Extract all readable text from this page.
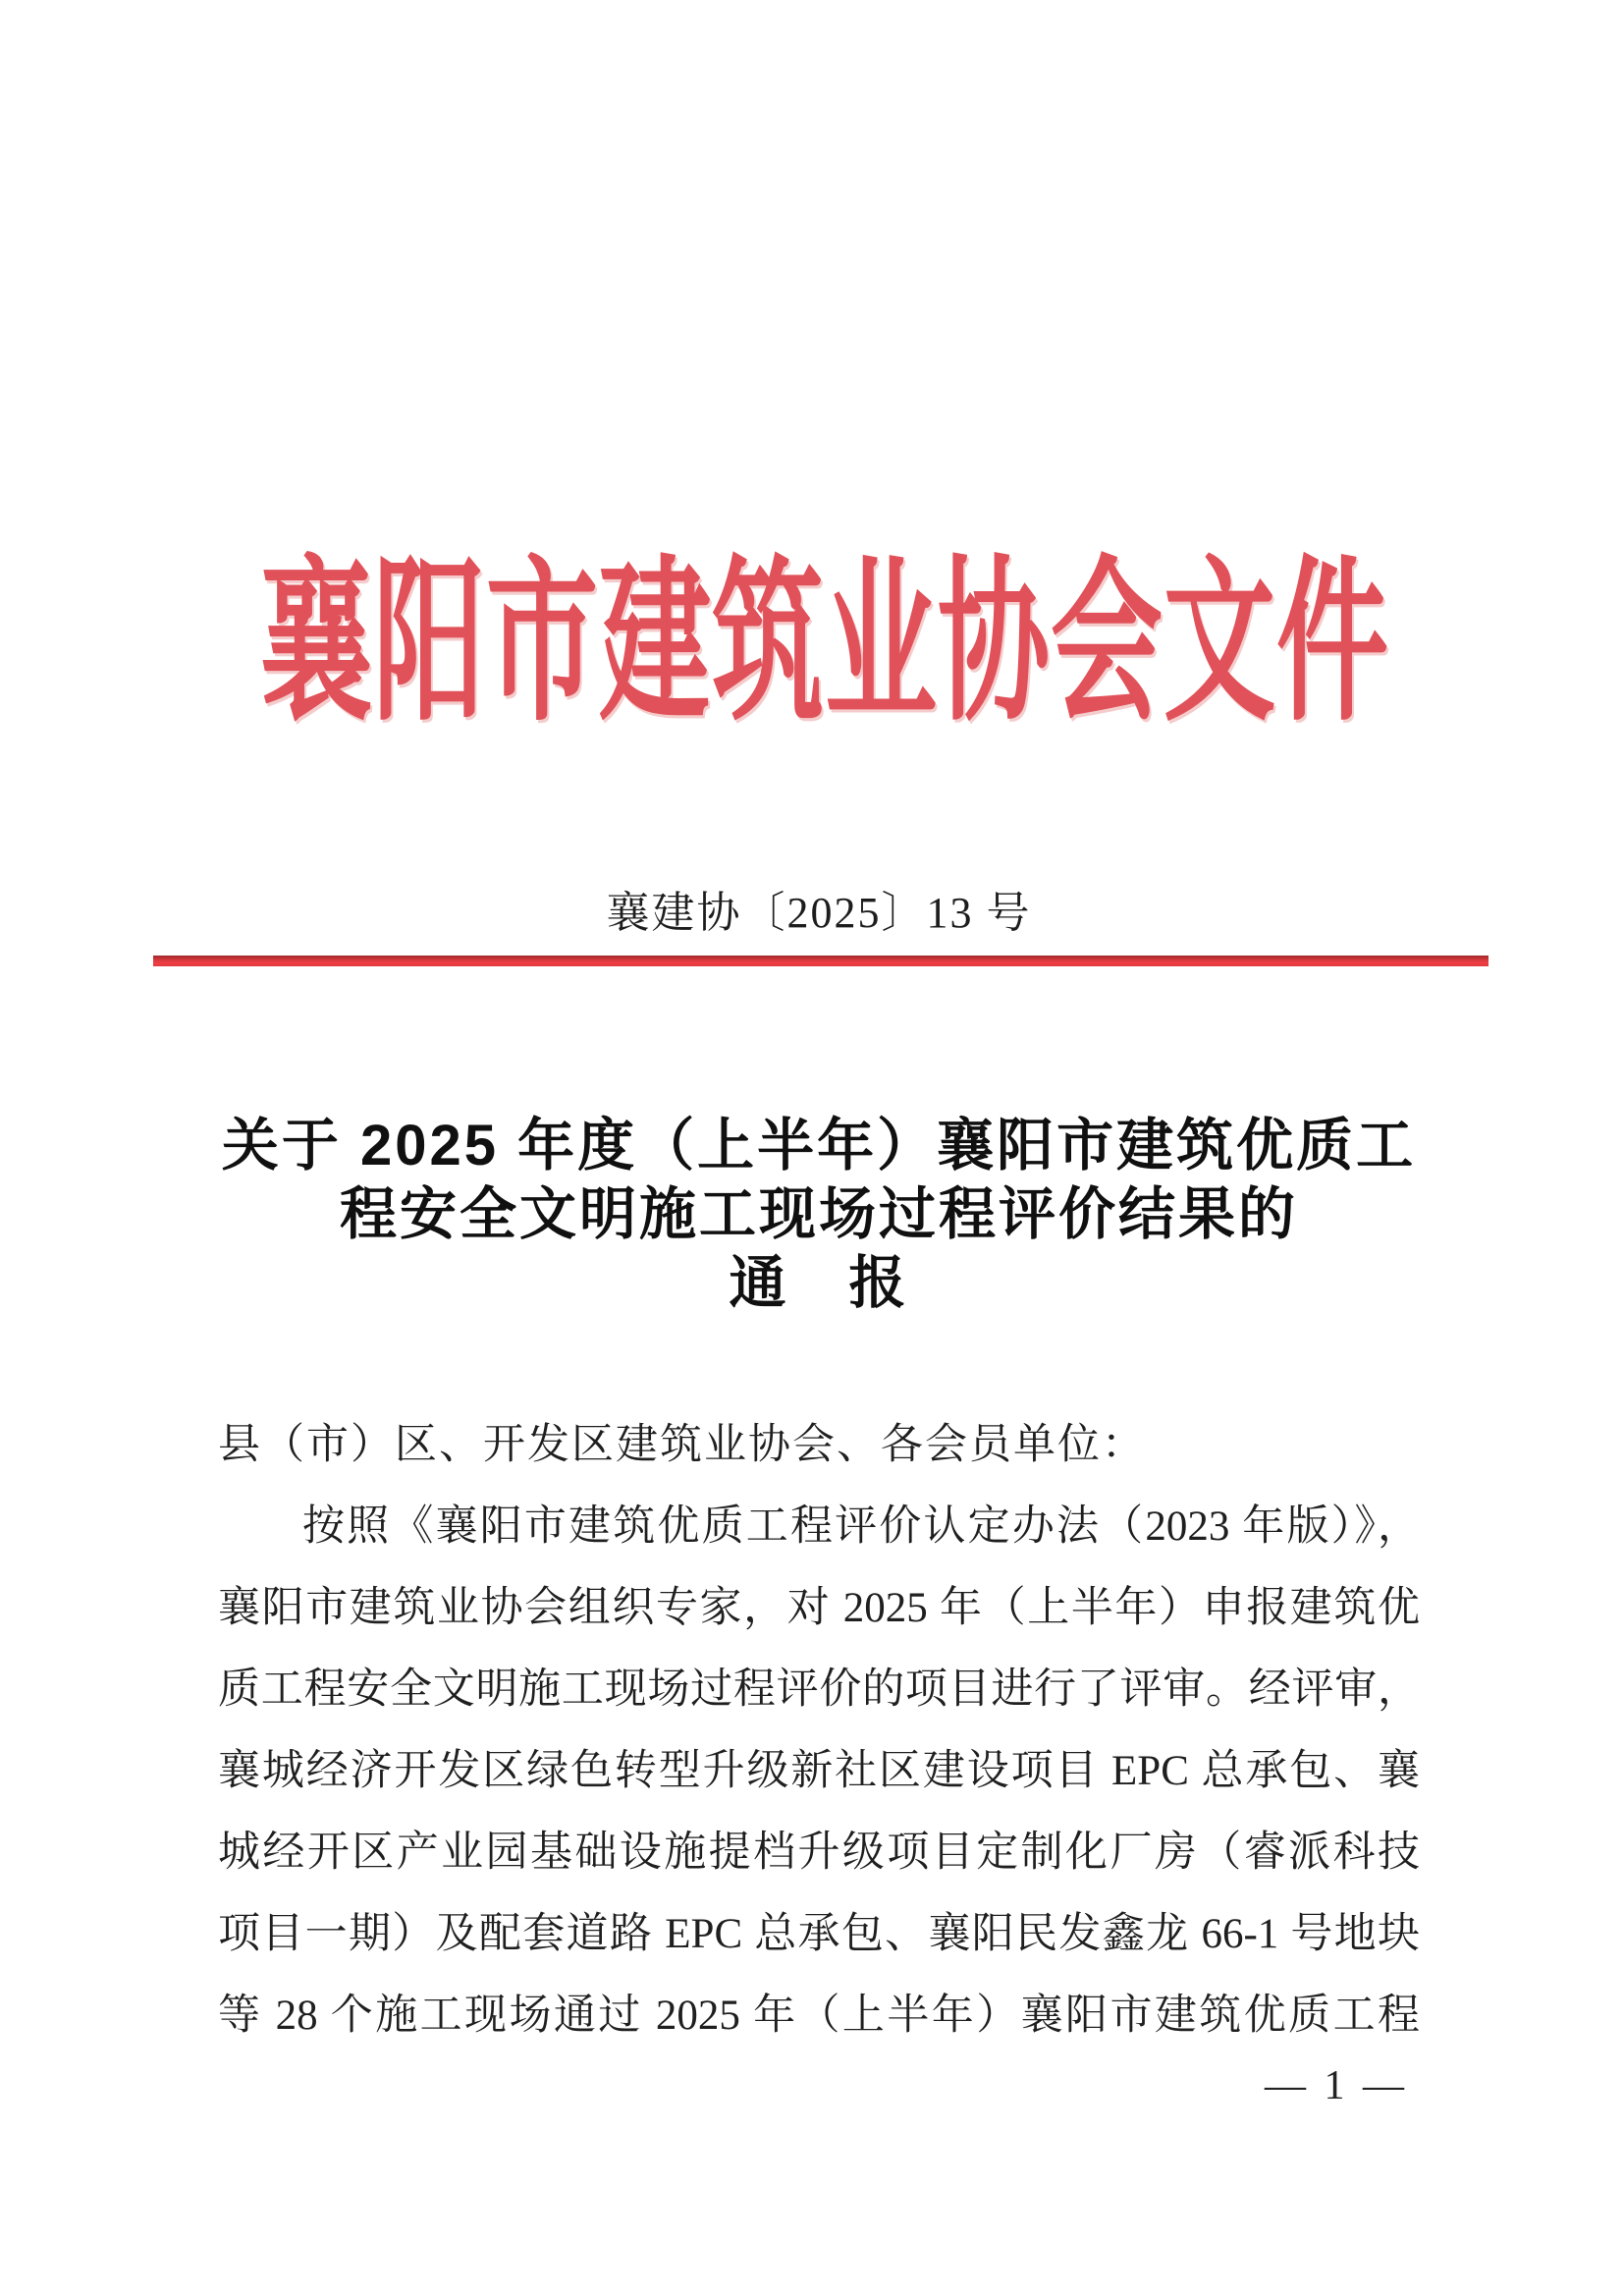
襄阳市建筑业协会文件
襄建协〔2025〕13 号
关于 2025 年度（上半年）襄阳市建筑优质工
程安全文明施工现场过程评价结果的
通　报
县（市）区、开发区建筑业协会、各会员单位：
按照《襄阳市建筑优质工程评价认定办法（2023 年版）》，
襄阳市建筑业协会组织专家，对 2025 年（上半年）申报建筑优
质工程安全文明施工现场过程评价的项目进行了评审。经评审，
襄城经济开发区绿色转型升级新社区建设项目 EPC 总承包、襄
城经开区产业园基础设施提档升级项目定制化厂房（睿派科技
项目一期）及配套道路 EPC 总承包、襄阳民发鑫龙 66-1 号地块
等 28 个施工现场通过 2025 年（上半年）襄阳市建筑优质工程
— 1 —
